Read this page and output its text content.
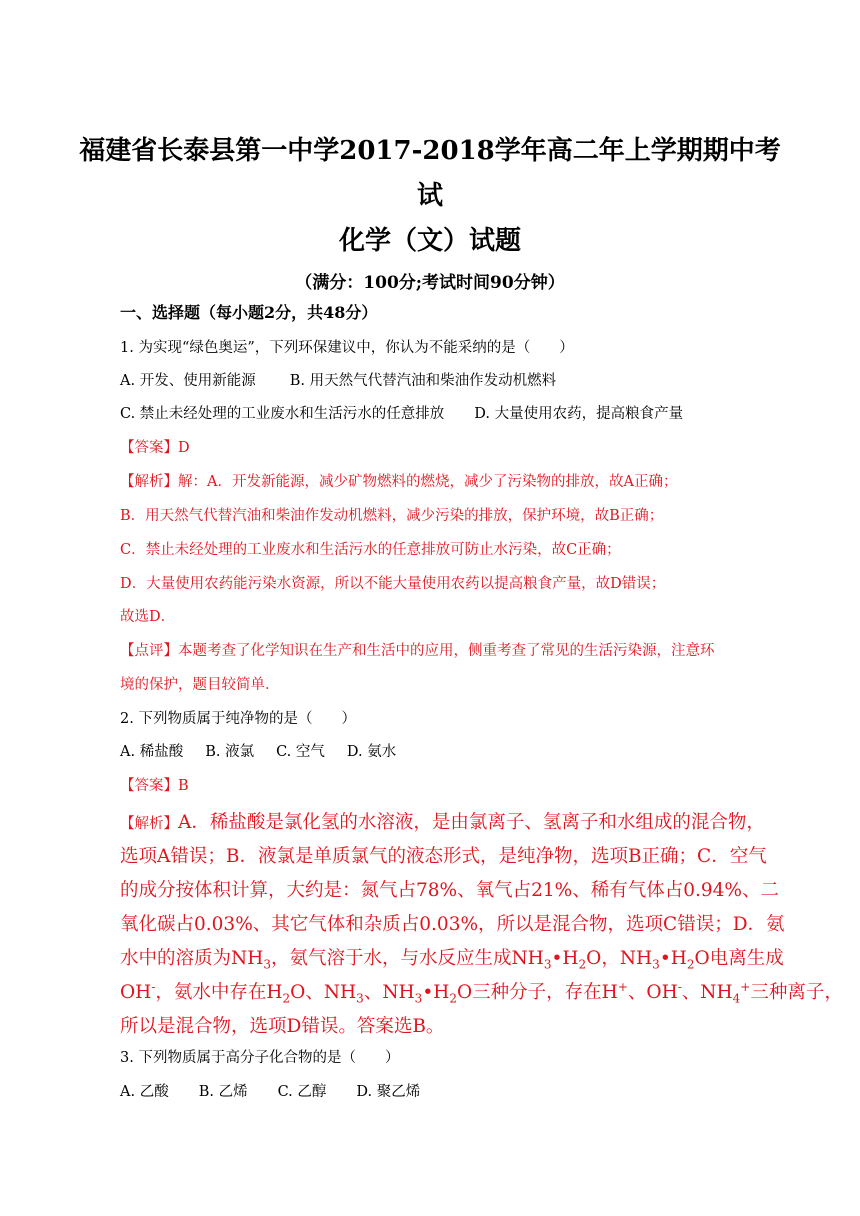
福建省长泰县第一中学2017-2018学年高二年上学期期中考
试
化学（文）试题
（满分：100分;考试时间90分钟）
一、选择题（每小题2分，共48分）
1. 为实现“绿色奥运”，下列环保建议中，你认为不能采纳的是（　　）
A. 开发、使用新能源 B. 用天然气代替汽油和柴油作发动机燃料
C. 禁止未经处理的工业废水和生活污水的任意排放 D. 大量使用农药，提高粮食产量
【答案】D
【解析】解：A．开发新能源，减少矿物燃料的燃烧，减少了污染物的排放，故A正确；
B．用天然气代替汽油和柴油作发动机燃料，减少污染的排放，保护环境，故B正确；
C．禁止未经处理的工业废水和生活污水的任意排放可防止水污染，故C正确；
D．大量使用农药能污染水资源，所以不能大量使用农药以提高粮食产量，故D错误；
故选D．
【点评】本题考查了化学知识在生产和生活中的应用，侧重考查了常见的生活污染源，注意环
境的保护，题目较简单．
2. 下列物质属于纯净物的是（　　）
A. 稀盐酸 B. 液氯 C. 空气 D. 氨水
【答案】B
【解析】A．稀盐酸是氯化氢的水溶液，是由氯离子、氢离子和水组成的混合物，
选项A错误；B．液氯是单质氯气的液态形式，是纯净物，选项B正确；C．空气
的成分按体积计算，大约是：氮气占78%、氧气占21%、稀有气体占0.94%、二
氧化碳占0.03%、其它气体和杂质占0.03%，所以是混合物，选项C错误；D．氨
水中的溶质为$NH_3$，氨气溶于水，与水反应生成$NH_3•H_2O$，$NH_3•H_2O$电离生成
OH-，氨水中存在$H_2O$、$NH_3$、$NH_3•H_2O$三种分子，存在H+、OH-、$NH_4^+$三种离子，
所以是混合物，选项D错误。答案选B。
3. 下列物质属于高分子化合物的是（　　）
A. 乙酸 B. 乙烯 C. 乙醇 D. 聚乙烯
